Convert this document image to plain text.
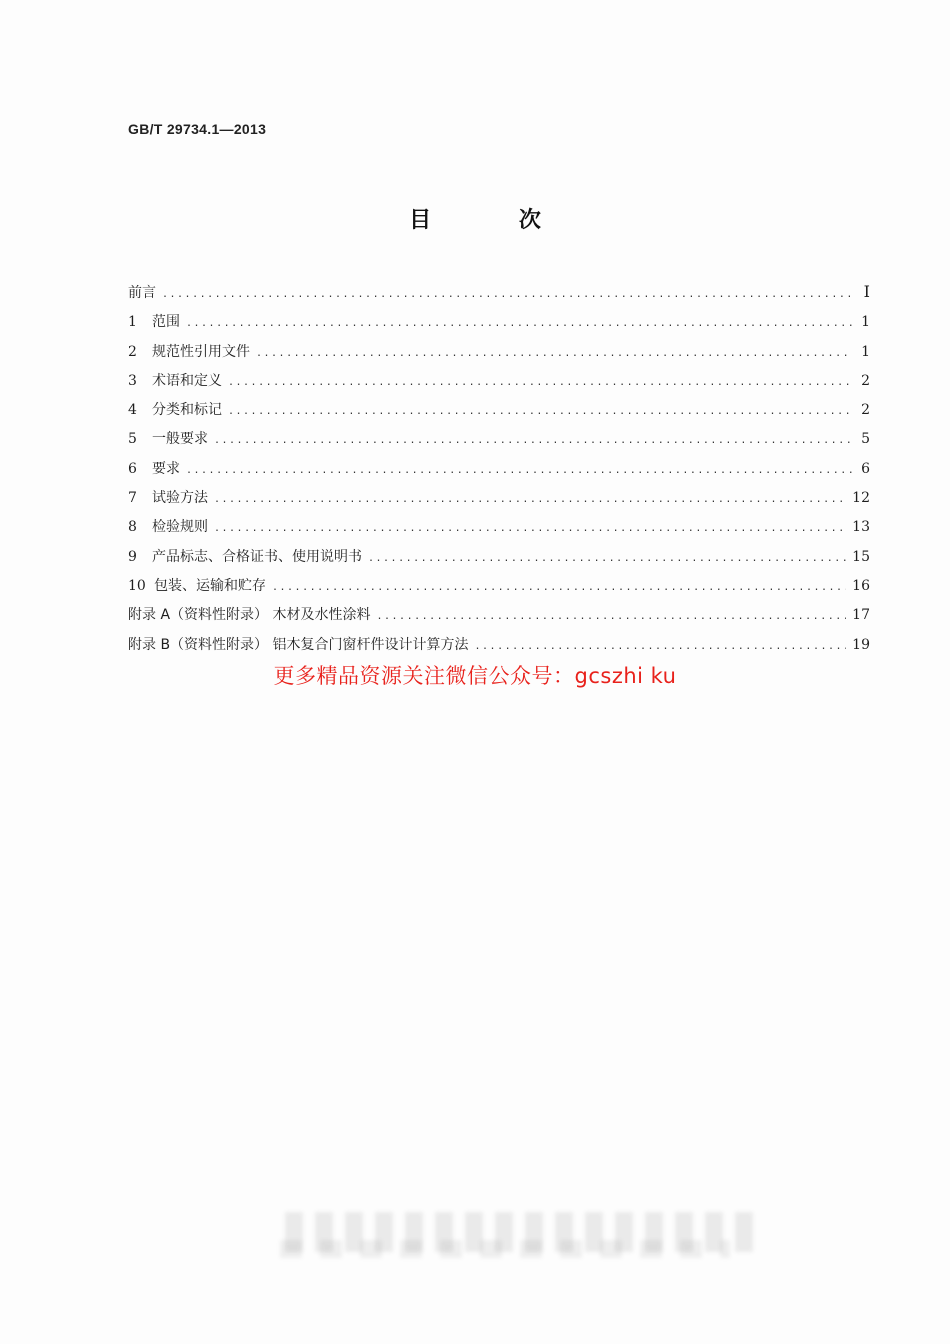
GB/T 29734.1—2013
目 次
前言 .....	Ⅰ
1 范围 .....	1
2 规范性引用文件 .....	1
3 术语和定义 .....	2
4 分类和标记 .....	2
5 一般要求 .....	5
6 要求 .....	6
7 试验方法 .....	12
8 检验规则 .....	13
9 产品标志、合格证书、使用说明书 .....	15
10 包装、运输和贮存 .....	16
附录 A（资料性附录） 木材及水性涂料 .....	17
附录 B（资料性附录） 铝木复合门窗杆件设计计算方法 .....	19
更多精品资源关注微信公众号：gcszhi ku
